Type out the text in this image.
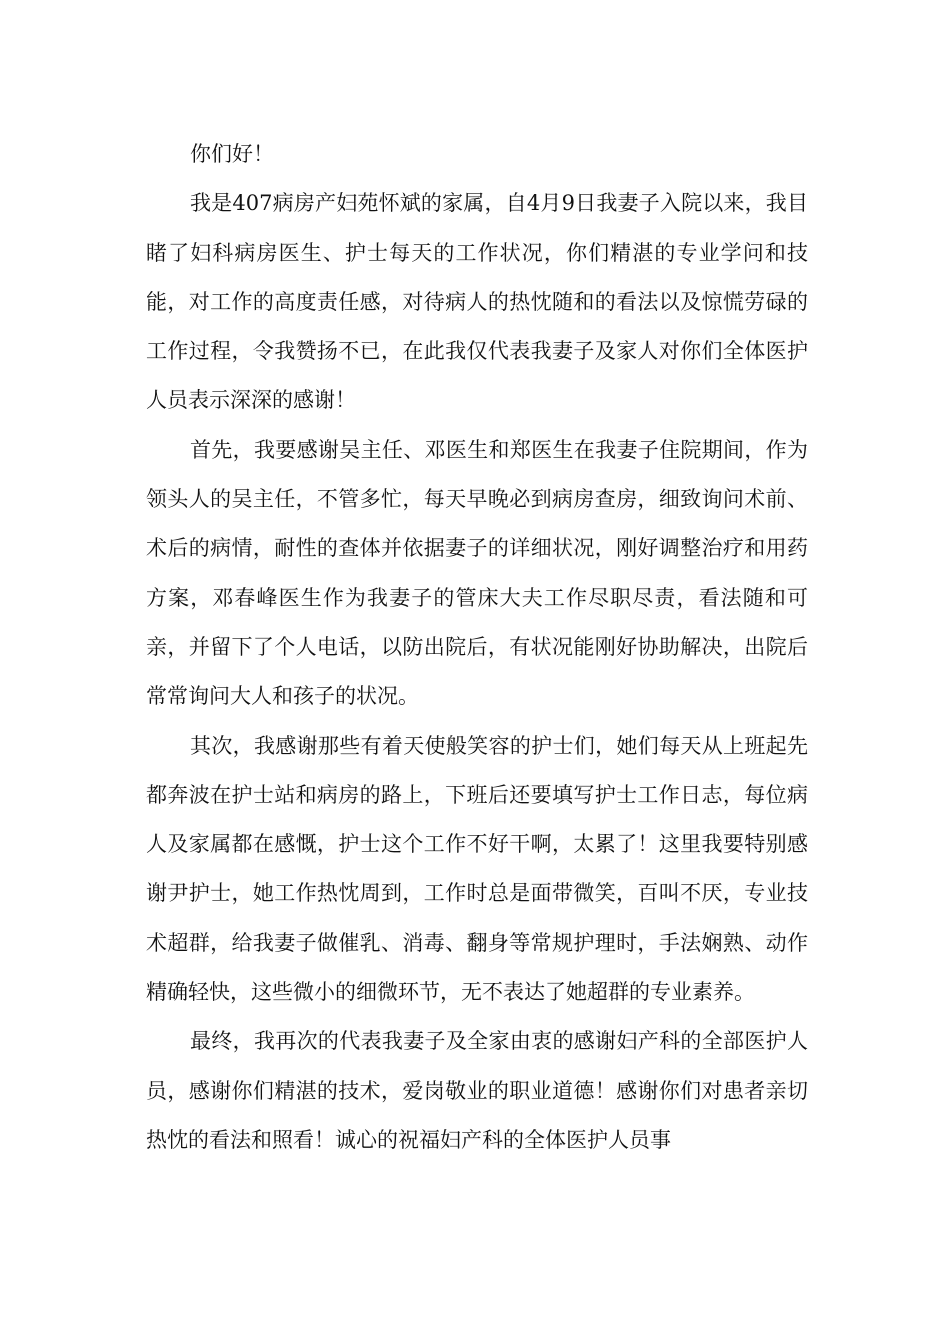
你们好！

我是407病房产妇苑怀斌的家属，自4月9日我妻子入院以来，我目睹了妇科病房医生、护士每天的工作状况，你们精湛的专业学问和技能，对工作的高度责任感，对待病人的热忱随和的看法以及惊慌劳碌的工作过程，令我赞扬不已，在此我仅代表我妻子及家人对你们全体医护人员表示深深的感谢！

首先，我要感谢吴主任、邓医生和郑医生在我妻子住院期间，作为领头人的吴主任，不管多忙，每天早晚必到病房查房，细致询问术前、术后的病情，耐性的查体并依据妻子的详细状况，刚好调整治疗和用药方案，邓春峰医生作为我妻子的管床大夫工作尽职尽责，看法随和可亲，并留下了个人电话，以防出院后，有状况能刚好协助解决，出院后常常询问大人和孩子的状况。

其次，我感谢那些有着天使般笑容的护士们，她们每天从上班起先都奔波在护士站和病房的路上，下班后还要填写护士工作日志，每位病人及家属都在感慨，护士这个工作不好干啊，太累了！这里我要特别感谢尹护士，她工作热忱周到，工作时总是面带微笑，百叫不厌，专业技术超群，给我妻子做催乳、消毒、翻身等常规护理时，手法娴熟、动作精确轻快，这些微小的细微环节，无不表达了她超群的专业素养。

最终，我再次的代表我妻子及全家由衷的感谢妇产科的全部医护人员，感谢你们精湛的技术，爱岗敬业的职业道德！感谢你们对患者亲切热忱的看法和照看！诚心的祝福妇产科的全体医护人员事
